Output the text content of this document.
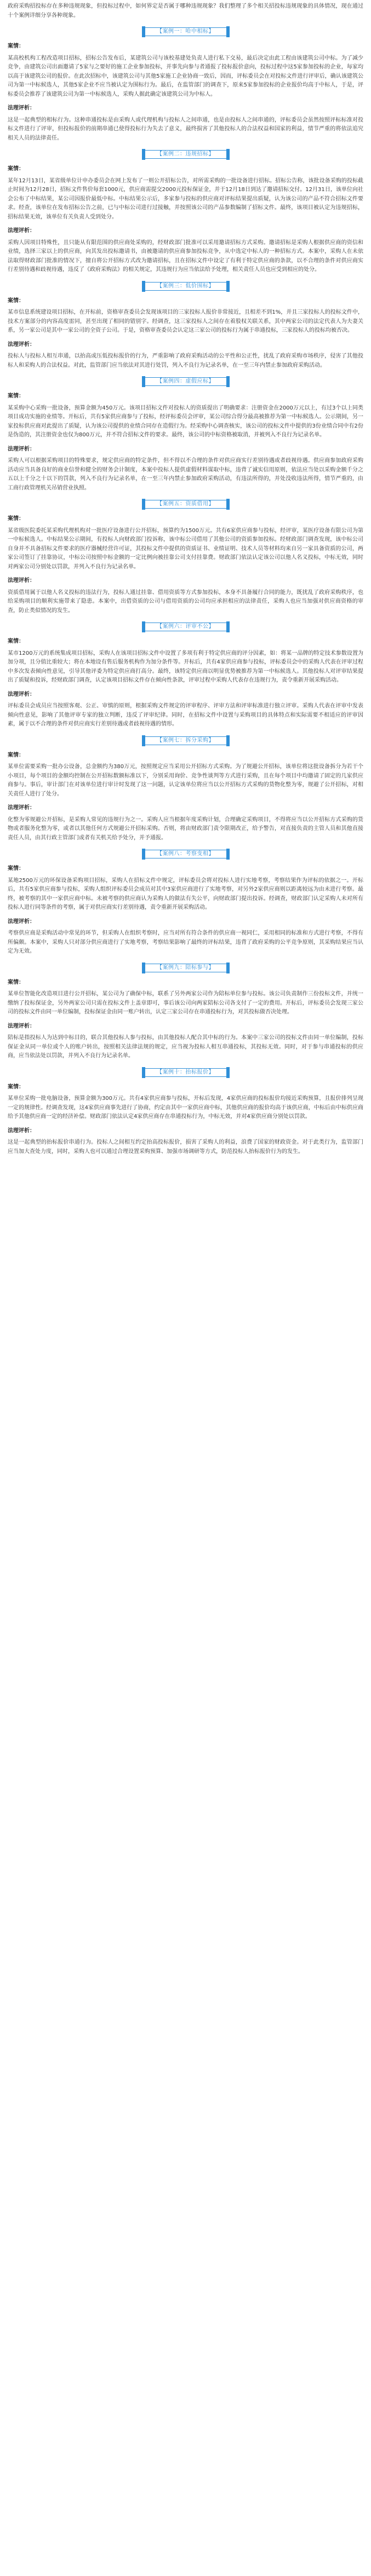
政府采购招投标存在多种违规现象，但投标过程中，如何界定是否属于哪种违规现象？我们整理了多个相关招投标违规现象的具体情况，现在通过十个案例详细分享各种现象。

【案例一：哈中相标】
案情：

某高校机构工程改造项目招标，招标公告发布后，某建筑公司与该校基建处负责人进行私下交易，最后决定由此工程由该建筑公司中标。为了减少竞争，由建筑公司出面邀请了5家与之要好的施工企业参加投标，并事先向参与者通报了投标报价意向，投标过程中这5家参加投标的企业，每家均以高于该建筑公司的报价。在此次招标中，该建筑公司与其他5家施工企业协商一致后，因而，评标委员会在对投标文件进行评审后，确认该建筑公司为第一中标候选人，其他5家企业不应当被认定为围标行为。最后，在监管部门的调查下，原来5家参加投标的企业报价均高于中标人，于是，评标委员会推荐了该建筑公司为第一中标候选人，采购人据此确定该建筑公司为中标人。

法理评析：

这是一起典型的相标行为。这种串通投标是由采购人或代理机构与投标人之间串通，也是由投标人之间串通的，评标委员会虽然按照评标标准对投标文件进行了评审，但投标报价的前期串通已使得投标行为失去了意义，最终损害了其他投标人的合法权益和国家的利益，情节严重的将依法追究相关人员的法律责任。

【案例二：违规招标】
案情：

某年12月13日，某省级单位计申办委员会在网上发布了一则公开招标公告，对所需采购的一批设备进行招标。招标公告称，该批设备采购的投标截止时间为12月28日，招标文件售价每套1000元，供应商需提交2000元投标保证金，并于12月18日到达了邀请招标交付。12月31日，该单位向社会公布了中标结果，某公司因报价最低中标。中标结果公示后，多家参与投标的供应商对评标结果提出质疑，认为该公司的产品不符合招标文件要求。经查，该单位在发布招标公告之前，已与中标公司进行过接触，并按照该公司的产品参数编制了招标文件。最终，该项目被认定为违规招标，招标结果无效，该单位有关负责人受到处分。

法理评析：

采购人因项目特殊性，且只能从有限范围的供应商处采购的，经财政部门批准可以采用邀请招标方式采购。邀请招标是采购人根据供应商的资信和业绩，选择三家以上的供应商，向其发出投标邀请书，由被邀请的供应商参加投标竞争，从中选定中标人的一种招标方式。本案中，采购人在未依法取得财政部门批准的情况下，擅自将公开招标方式改为邀请招标，且在招标文件中设定了有利于特定供应商的条款，以不合理的条件对供应商实行差别待遇和歧视待遇，违反了《政府采购法》的相关规定，其违规行为应当依法给予处理，相关责任人员也应受到相应的处分。

【案例三：低价围标】
案情：

某市信息系统建设项目招标，在开标前，资格审查委员会发现该项目的三家投标人报价非常接近，且相差不到1%，并且三家投标人的投标文件中，技术方案部分的内容高度雷同，甚至出现了相同的错别字。经调查，这三家投标人之间存在着股权关联关系，其中两家公司的法定代表人为夫妻关系，另一家公司是其中一家公司的全资子公司。于是，资格审查委员会认定这三家公司的投标行为属于串通投标，三家投标人的投标均被否决。

法理评析：

投标人与投标人相互串通，以抬高或压低投标报价的行为，严重影响了政府采购活动的公平性和公正性，扰乱了政府采购市场秩序，侵害了其他投标人和采购人的合法权益。对此，监管部门应当依法对其进行处罚，列入不良行为记录名单，在一至三年内禁止参加政府采购活动。

【案例四：虚假应标】
案情：

某采购中心采购一批设备，预算金额为450万元。该项目招标文件对投标人的资质提出了明确要求：注册资金在2000万元以上，有过3个以上同类项目成功实施的业绩等。开标后，共有5家供应商参与了投标，经评标委员会评审，某公司综合得分最高被推荐为第一中标候选人。公示期间，另一家投标供应商对此提出了质疑，认为该公司提供的业绩合同存在造假行为。经采购中心调查核实，该公司的投标文件中提供的3份业绩合同中有2份是伪造的，其注册资金也仅为800万元，并不符合招标文件的要求。最终，该公司的中标资格被取消，并被列入不良行为记录名单。

法理评析：

采购人可以根据采购项目的特殊要求，规定供应商的特定条件，但不得以不合理的条件对供应商实行差别待遇或者歧视待遇。供应商参加政府采购活动应当具备良好的商业信誉和健全的财务会计制度，本案中投标人提供虚假材料谋取中标，违背了诚实信用原则，依法应当处以采购金额千分之五以上千分之十以下的罚款，列入不良行为记录名单，在一至三年内禁止参加政府采购活动，有违法所得的，并处没收违法所得，情节严重的，由工商行政管理机关吊销营业执照。

【案例五：资质借用】
案情：

某省级医院委托某采购代理机构对一批医疗设备进行公开招标，预算约为1500万元。共有6家供应商参与投标，经评审，某医疗设备有限公司为第一中标候选人。中标结果公示期间，有投标人向财政部门投诉称，该中标公司借用了其他公司的资质参加投标。经财政部门调查发现，该中标公司自身并不具备招标文件要求的医疗器械经营许可证，其投标文件中提供的资质证书、业绩证明、技术人员等材料均来自另一家具备资质的公司，两家公司签订了挂靠协议，中标公司按照中标金额的一定比例向被挂靠公司支付挂靠费。财政部门依法认定该公司以他人名义投标，中标无效，同时对两家公司分别处以罚款，并列入不良行为记录名单。

法理评析：

资质借用属于以他人名义投标的违法行为，投标人通过挂靠、借用资质等方式参加投标，本身不具备履行合同的能力，既扰乱了政府采购秩序，也给采购项目的顺利实施带来了隐患。本案中，出借资质的公司与借用资质的公司均应承担相应的法律责任，采购人也应当加强对供应商资格的审查，防止类似情况的发生。

【案例六：评审不公】
案情：

某市1200万元的系统集成项目招标，采购人在该项目招标文件中设置了多项有利于特定供应商的评分因素，如：将某一品牌的特定技术参数设置为加分项，且分值比重较大；将在本地设有售后服务机构作为加分条件等。开标后，共有4家供应商参与投标，评标委员会中的采购人代表在评审过程中多次发表倾向性意见，引导其他评委为特定供应商打高分。最终，该特定供应商以明显优势被推荐为第一中标候选人。其他投标人对评审结果提出了质疑和投诉，经财政部门调查，认定该项目招标文件存在倾向性条款，评审过程中采购人代表存在违规行为，责令重新开展采购活动。

法理评析：

评标委员会成员应当按照客观、公正、审慎的原则，根据采购文件规定的评审程序、评审方法和评审标准进行独立评审。采购人代表在评审中发表倾向性意见，影响了其他评审专家的独立判断，违反了评审纪律。同时，在招标文件中设置与采购项目的具体特点和实际需要不相适应的评审因素，属于以不合理的条件对供应商实行差别待遇或者歧视待遇的情形。

【案例七：拆分采购】
案情：

某单位需要采购一批办公设备，总金额约为380万元，按照规定应当采用公开招标方式采购。为了规避公开招标，该单位将这批设备拆分为若干个小项目，每个项目的金额均控制在公开招标数额标准以下，分别采用询价、竞争性谈判等方式进行采购，且在每个项目中均邀请了固定的几家供应商参与。事后，审计部门在对该单位进行审计时发现了这一问题，认定该单位将应当以公开招标方式采购的货物化整为零，规避了公开招标，对相关责任人进行了处分。

法理评析：

化整为零规避公开招标，是采购人常见的违规行为之一。采购人应当根据年度采购计划，合理确定采购项目，不得将应当以公开招标方式采购的货物或者服务化整为零，或者以其他任何方式规避公开招标采购。否则，将由财政部门责令限期改正，给予警告，对直接负责的主管人员和其他直接责任人员，由其行政主管部门或者有关机关给予处分，并予通报。

【案例八：考察变相】
案情：

某地2500万元的环保设备采购项目招标，采购人在招标文件中规定，评标委员会将对投标人进行实地考察，考察结果作为评标的依据之一。开标后，共有5家供应商参与投标，采购人组织评标委员会成员对其中3家供应商进行了实地考察，对另外2家供应商则以距离较远为由未进行考察。最终，被考察的其中一家供应商中标。未被考察的供应商认为采购人的做法有失公平，向财政部门提出投诉。经调查，财政部门认定采购人未对所有投标人进行同等条件的考察，属于对供应商实行差别待遇，责令重新开展采购活动。

法理评析：

考察供应商是采购活动中常见的环节，但采购人在组织考察时，应当对所有符合条件的供应商一视同仁，采用相同的标准和方式进行考察，不得有所偏颇。本案中，采购人只对部分供应商进行了实地考察，考察结果影响了最终的评标结果，违背了政府采购的公平竞争原则，其采购结果应当认定为无效。

【案例九：陪标参与】
案情：

某单位智能化改造项目进行公开招标，某公司为了确保中标，联系了另外两家公司作为陪标单位参与投标。该公司负责制作三份投标文件，并统一缴纳了投标保证金，另外两家公司只需在投标文件上盖章即可，事后该公司向两家陪标公司各支付了一定的费用。开标后，评标委员会发现三家公司的投标文件由同一单位编制，投标保证金由同一账户转出，认定三家公司存在串通投标行为，对其投标做否决处理。

法理评析：

陪标是指投标人为达到中标目的，联合其他投标人参与投标，由其他投标人配合其中标的行为。本案中三家公司的投标文件由同一单位编制，投标保证金从同一单位或个人的账户转出，按照相关法律法规的规定，应当视为投标人相互串通投标，其投标无效。同时，对于参与串通投标的供应商，应当依法处以罚款，并列入不良行为记录名单。

【案例十：抬标报价】
案情：

某单位采购一批电脑设备，预算金额为300万元。共有4家供应商参与投标，开标后发现，4家供应商的投标报价均接近采购预算，且报价排列呈现一定的规律性。经调查发现，这4家供应商事先进行了协商，约定由其中一家供应商中标，其他供应商的报价均高于该供应商，中标后由中标供应商给予其他供应商一定的经济补偿。财政部门依法认定4家供应商存在串通投标行为，中标无效，并对4家供应商分别处以罚款。

法理评析：

这是一起典型的抬标报价串通行为。投标人之间相互约定抬高投标报价，损害了采购人的利益，浪费了国家的财政资金。对于此类行为，监管部门应当加大查处力度，同时，采购人也可以通过合理设置采购预算、加强市场调研等方式，防范投标人抬标报价行为的发生。
